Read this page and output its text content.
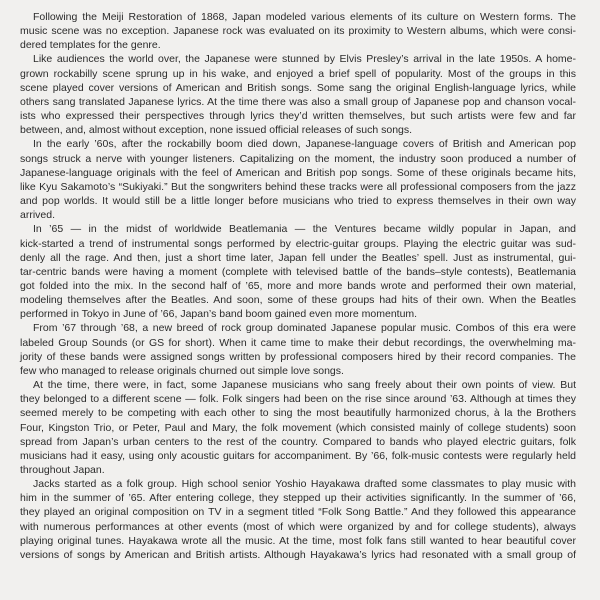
Following the Meiji Restoration of 1868, Japan modeled various elements of its culture on Western forms. The
music scene was no exception. Japanese rock was evaluated on its proximity to Western albums, which were consi-
dered templates for the genre.
Like audiences the world over, the Japanese were stunned by Elvis Presley’s arrival in the late 1950s. A home-
grown rockabilly scene sprung up in his wake, and enjoyed a brief spell of popularity. Most of the groups in this
scene played cover versions of American and British songs. Some sang the original English-language lyrics, while
others sang translated Japanese lyrics. At the time there was also a small group of Japanese pop and chanson vocal-
ists who expressed their perspectives through lyrics they’d written themselves, but such artists were few and far
between, and, almost without exception, none issued official releases of such songs.
In the early ’60s, after the rockabilly boom died down, Japanese-language covers of British and American pop
songs struck a nerve with younger listeners. Capitalizing on the moment, the industry soon produced a number of
Japanese-language originals with the feel of American and British pop songs. Some of these originals became hits,
like Kyu Sakamoto’s “Sukiyaki.” But the songwriters behind these tracks were all professional composers from the jazz
and pop worlds. It would still be a little longer before musicians who tried to express themselves in their own way
arrived.
In ’65 — in the midst of worldwide Beatlemania — the Ventures became wildly popular in Japan, and
kick-started a trend of instrumental songs performed by electric-guitar groups. Playing the electric guitar was sud-
denly all the rage. And then, just a short time later, Japan fell under the Beatles’ spell. Just as instrumental, gui-
tar-centric bands were having a moment (complete with televised battle of the bands–style contests), Beatlemania
got folded into the mix. In the second half of ’65, more and more bands wrote and performed their own material,
modeling themselves after the Beatles. And soon, some of these groups had hits of their own. When the Beatles
performed in Tokyo in June of ’66, Japan’s band boom gained even more momentum.
From ’67 through ’68, a new breed of rock group dominated Japanese popular music. Combos of this era were
labeled Group Sounds (or GS for short). When it came time to make their debut recordings, the overwhelming ma-
jority of these bands were assigned songs written by professional composers hired by their record companies. The
few who managed to release originals churned out simple love songs.
At the time, there were, in fact, some Japanese musicians who sang freely about their own points of view. But
they belonged to a different scene — folk. Folk singers had been on the rise since around ’63. Although at times they
seemed merely to be competing with each other to sing the most beautifully harmonized chorus, à la the Brothers
Four, Kingston Trio, or Peter, Paul and Mary, the folk movement (which consisted mainly of college students) soon
spread from Japan’s urban centers to the rest of the country. Compared to bands who played electric guitars, folk
musicians had it easy, using only acoustic guitars for accompaniment. By ’66, folk-music contests were regularly held
throughout Japan.
Jacks started as a folk group. High school senior Yoshio Hayakawa drafted some classmates to play music with
him in the summer of ’65. After entering college, they stepped up their activities significantly. In the summer of ’66,
they played an original composition on TV in a segment titled “Folk Song Battle.” And they followed this appearance
with numerous performances at other events (most of which were organized by and for college students), always
playing original tunes. Hayakawa wrote all the music. At the time, most folk fans still wanted to hear beautiful cover
versions of songs by American and British artists. Although Hayakawa’s lyrics had resonated with a small group of
